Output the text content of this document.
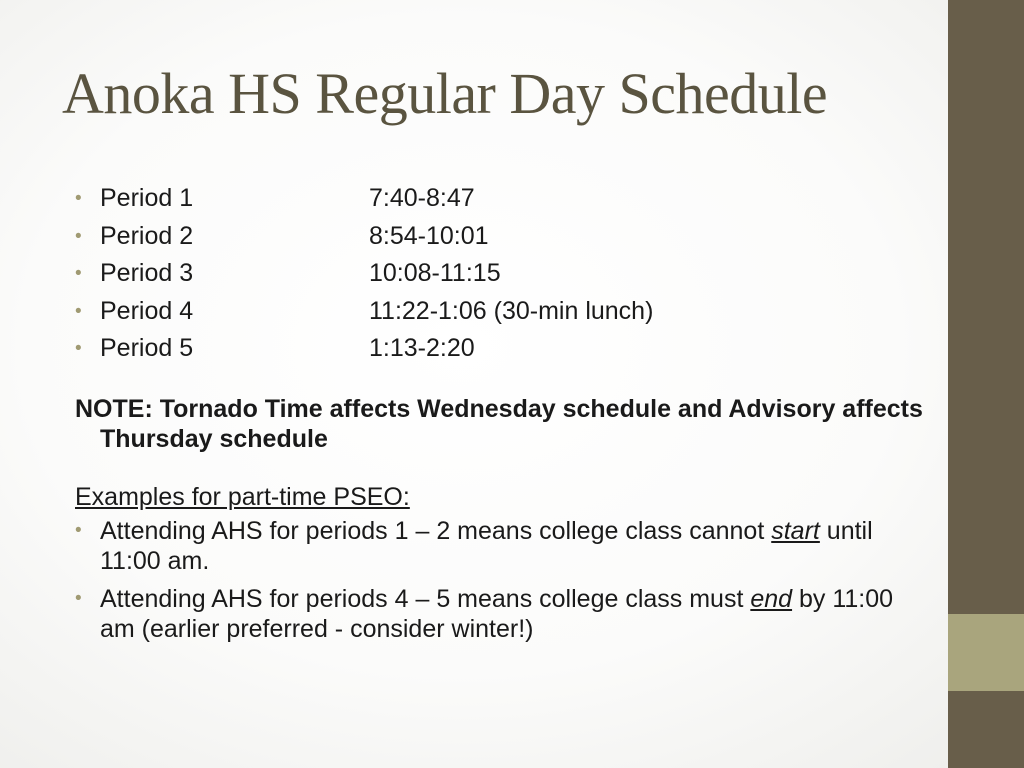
Anoka HS Regular Day Schedule
• Period 1	7:40-8:47
• Period 2	8:54-10:01
• Period 3	10:08-11:15
• Period 4	11:22-1:06 (30-min lunch)
• Period 5	1:13-2:20

NOTE: Tornado Time affects Wednesday schedule and Advisory affects Thursday schedule

Examples for part-time PSEO:

• Attending AHS for periods 1 – 2 means college class cannot start until 11:00 am.
• Attending AHS for periods 4 – 5 means college class must end by 11:00 am (earlier preferred - consider winter!)
